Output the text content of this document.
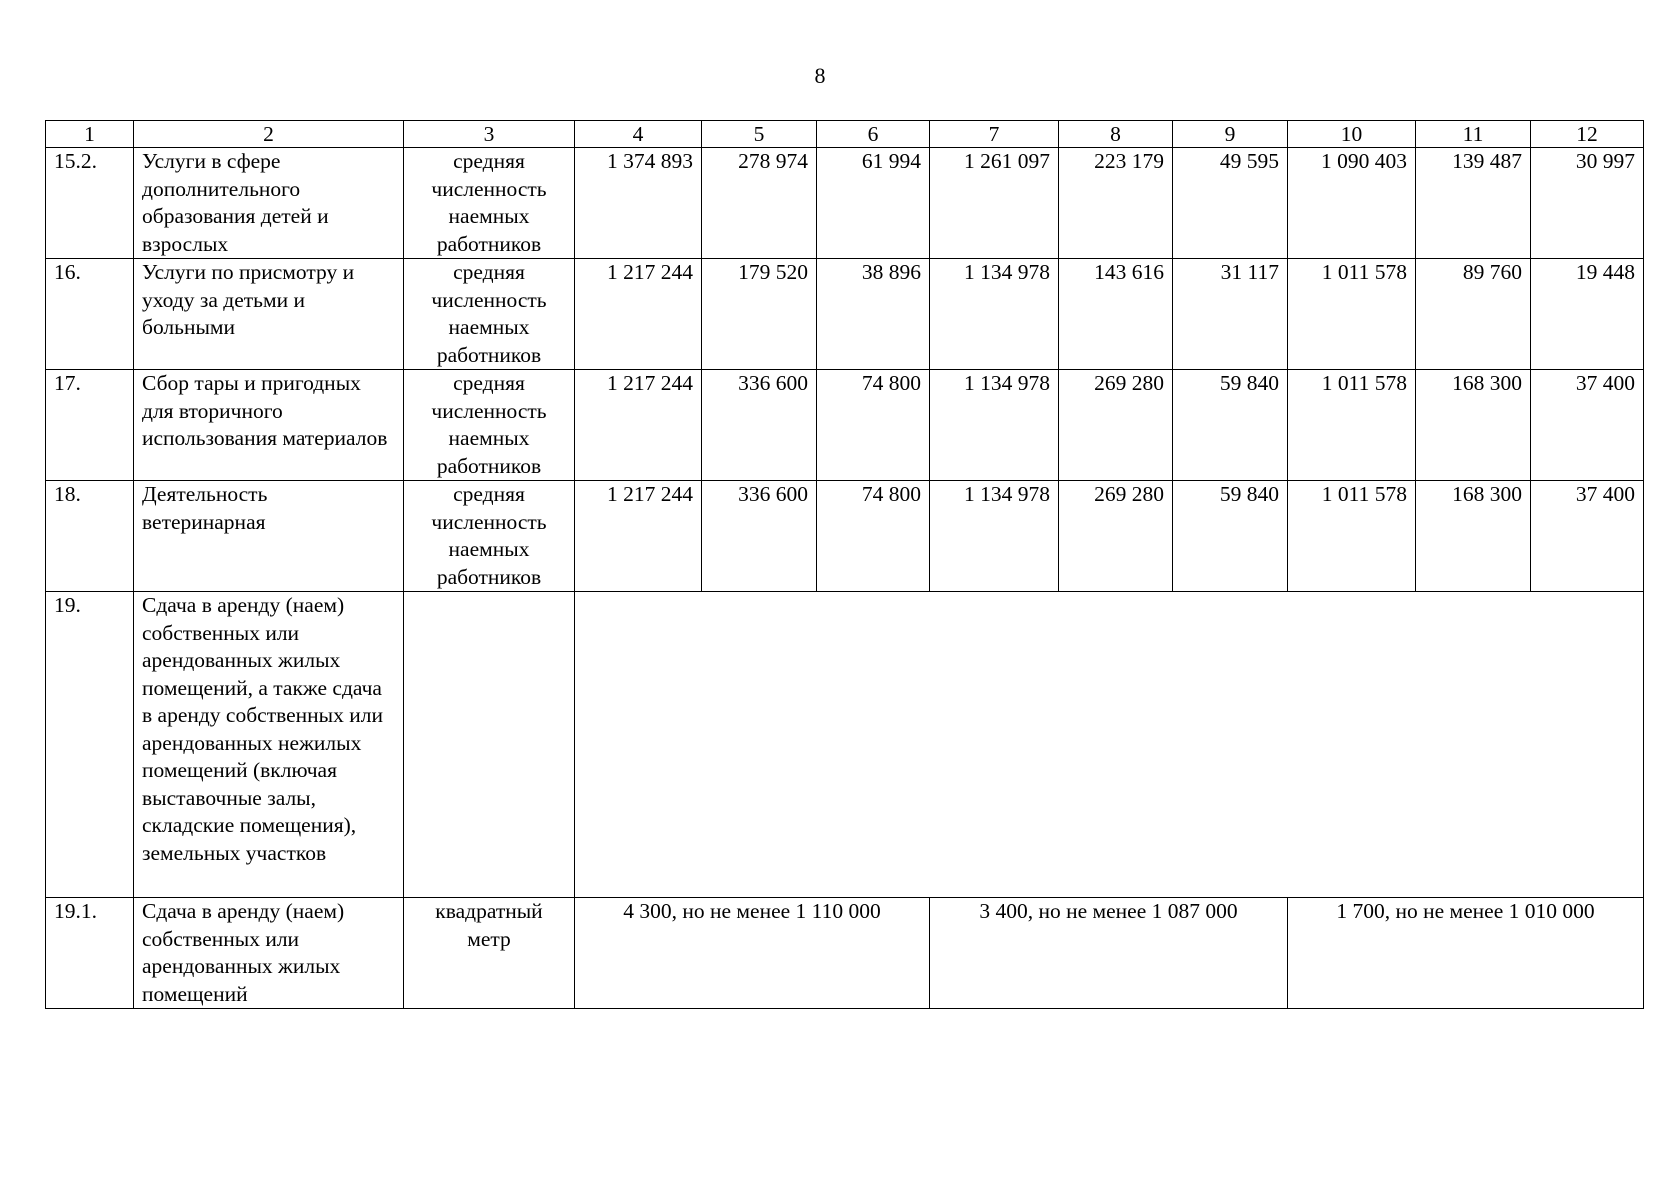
8
1	2	3	4	5	6	7	8	9	10	11	12
15.2.	Услуги в сфере дополнительного образования детей и взрослых	средняя численность наемных работников	1 374 893	278 974	61 994	1 261 097	223 179	49 595	1 090 403	139 487	30 997
16.	Услуги по присмотру и уходу за детьми и больными	средняя численность наемных работников	1 217 244	179 520	38 896	1 134 978	143 616	31 117	1 011 578	89 760	19 448
17.	Сбор тары и пригодных для вторичного использования материалов	средняя численность наемных работников	1 217 244	336 600	74 800	1 134 978	269 280	59 840	1 011 578	168 300	37 400
18.	Деятельность ветеринарная	средняя численность наемных работников	1 217 244	336 600	74 800	1 134 978	269 280	59 840	1 011 578	168 300	37 400
19.	Сдача в аренду (наем) собственных или арендованных жилых помещений, а также сдача в аренду собственных или арендованных нежилых помещений (включая выставочные залы, складские помещения), земельных участков										
19.1.	Сдача в аренду (наем) собственных или арендованных жилых помещений	квадратный метр	4 300, но не менее 1 110 000			3 400, но не менее 1 087 000			1 700, но не менее 1 010 000		
